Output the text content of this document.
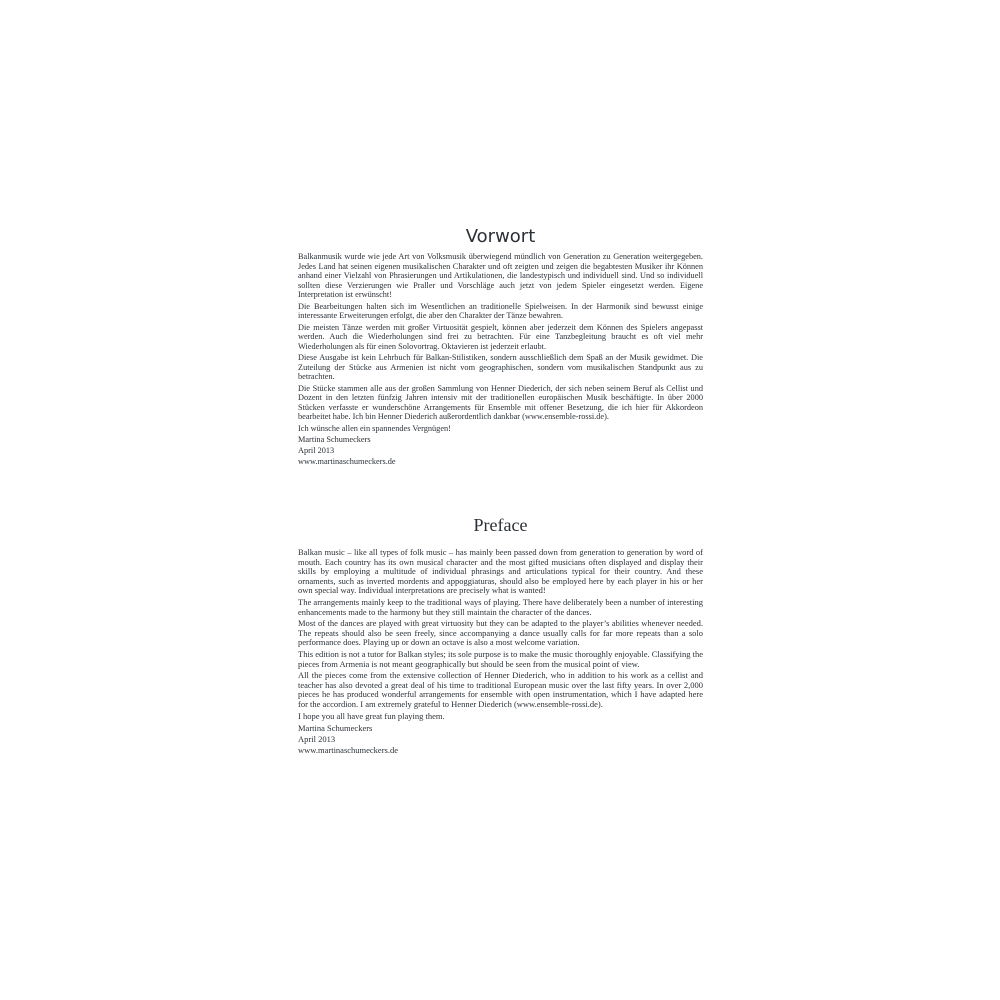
Vorwort

Balkanmusik wurde wie jede Art von Volksmusik überwiegend mündlich von Generation zu Generation weitergegeben. Jedes Land hat seinen eigenen musikalischen Charakter und oft zeigten und zeigen die begabtesten Musiker ihr Können anhand einer Vielzahl von Phrasierungen und Artikulationen, die landestypisch und individuell sind. Und so individuell sollten diese Verzierungen wie Praller und Vorschläge auch jetzt von jedem Spieler eingesetzt werden. Eigene Interpretation ist erwünscht!

Die Bearbeitungen halten sich im Wesentlichen an traditionelle Spielweisen. In der Harmonik sind bewusst einige interessante Erweiterungen erfolgt, die aber den Charakter der Tänze bewahren.

Die meisten Tänze werden mit großer Virtuosität gespielt, können aber jederzeit dem Können des Spielers angepasst werden. Auch die Wiederholungen sind frei zu betrachten. Für eine Tanzbegleitung braucht es oft viel mehr Wiederholungen als für einen Solovortrag. Oktavieren ist jederzeit erlaubt.

Diese Ausgabe ist kein Lehrbuch für Balkan-Stilistiken, sondern ausschließlich dem Spaß an der Musik gewidmet. Die Zuteilung der Stücke aus Armenien ist nicht vom geographischen, sondern vom musikalischen Standpunkt aus zu betrachten.

Die Stücke stammen alle aus der großen Sammlung von Henner Diederich, der sich neben seinem Beruf als Cellist und Dozent in den letzten fünfzig Jahren intensiv mit der traditionellen europäischen Musik beschäftigte. In über 2000 Stücken verfasste er wunderschöne Arrangements für Ensemble mit offener Besetzung, die ich hier für Akkordeon bearbeitet habe. Ich bin Henner Diederich außerordentlich dankbar (www.ensemble-rossi.de).

Ich wünsche allen ein spannendes Vergnügen!

Martina Schumeckers
April 2013
www.martinaschumeckers.de
Preface

Balkan music – like all types of folk music – has mainly been passed down from generation to generation by word of mouth. Each country has its own musical character and the most gifted musicians often displayed and display their skills by employing a multitude of individual phrasings and articulations typical for their country. And these ornaments, such as inverted mordents and appoggiaturas, should also be employed here by each player in his or her own special way. Individual interpretations are precisely what is wanted!

The arrangements mainly keep to the traditional ways of playing. There have deliberately been a number of interesting enhancements made to the harmony but they still maintain the character of the dances.

Most of the dances are played with great virtuosity but they can be adapted to the player’s abilities whenever needed. The repeats should also be seen freely, since accompanying a dance usually calls for far more repeats than a solo performance does. Playing up or down an octave is also a most welcome variation.

This edition is not a tutor for Balkan styles; its sole purpose is to make the music thoroughly enjoyable. Classifying the pieces from Armenia is not meant geographically but should be seen from the musical point of view.

All the pieces come from the extensive collection of Henner Diederich, who in addition to his work as a cellist and teacher has also devoted a great deal of his time to traditional European music over the last fifty years. In over 2,000 pieces he has produced wonderful arrangements for ensemble with open instrumentation, which I have adapted here for the accordion. I am extremely grateful to Henner Diederich (www.ensemble-rossi.de).

I hope you all have great fun playing them.

Martina Schumeckers
April 2013
www.martinaschumeckers.de
